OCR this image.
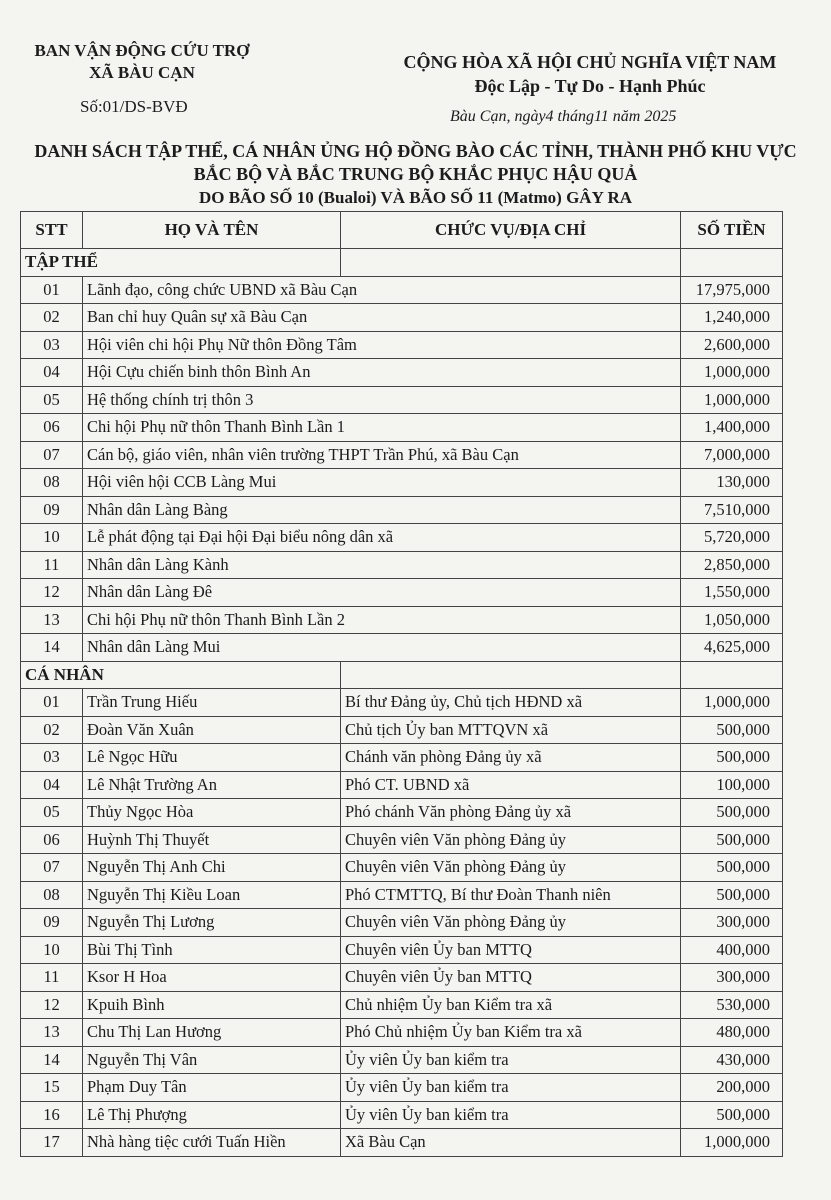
BAN VẬN ĐỘNG CỨU TRỢ
XÃ BÀU CẠN
Số:01/DS-BVĐ
CỘNG HÒA XÃ HỘI CHỦ NGHĨA VIỆT NAM
Độc Lập - Tự Do - Hạnh Phúc
Bàu Cạn, ngày4 tháng11 năm 2025
DANH SÁCH TẬP THỂ, CÁ NHÂN ỦNG HỘ ĐỒNG BÀO CÁC TỈNH, THÀNH PHỐ KHU VỰC
BẮC BỘ VÀ BẮC TRUNG BỘ KHẮC PHỤC HẬU QUẢ
DO BÃO SỐ 10 (Bualoi) VÀ BÃO SỐ 11 (Matmo) GÂY RA
STT	HỌ VÀ TÊN	CHỨC VỤ/ĐỊA CHỈ	SỐ TIỀN
TẬP THỂ			
01	Lãnh đạo, công chức UBND xã Bàu Cạn		17,975,000
02	Ban chỉ huy Quân sự xã Bàu Cạn		1,240,000
03	Hội viên chi hội Phụ Nữ thôn Đồng Tâm		2,600,000
04	Hội Cựu chiến binh thôn Bình An		1,000,000
05	Hệ thống chính trị thôn 3		1,000,000
06	Chi hội Phụ nữ thôn Thanh Bình Lần 1		1,400,000
07	Cán bộ, giáo viên, nhân viên trường THPT Trần Phú, xã Bàu Cạn		7,000,000
08	Hội viên hội CCB Làng Mui		130,000
09	Nhân dân Làng Bàng		7,510,000
10	Lễ phát động tại Đại hội Đại biểu nông dân xã		5,720,000
11	Nhân dân Làng Kành		2,850,000
12	Nhân dân Làng Đê		1,550,000
13	Chi hội Phụ nữ thôn Thanh Bình Lần 2		1,050,000
14	Nhân dân Làng Mui		4,625,000
CÁ NHÂN			
01	Trần Trung Hiếu	Bí thư Đảng ủy, Chủ tịch HĐND xã	1,000,000
02	Đoàn Văn Xuân	Chủ tịch Ủy ban MTTQVN xã	500,000
03	Lê Ngọc Hữu	Chánh văn phòng Đảng ủy xã	500,000
04	Lê Nhật Trường An	Phó CT. UBND xã	100,000
05	Thủy Ngọc Hòa	Phó chánh Văn phòng Đảng ủy xã	500,000
06	Huỳnh Thị Thuyết	Chuyên viên Văn phòng Đảng ủy	500,000
07	Nguyễn Thị Anh Chi	Chuyên viên Văn phòng Đảng ủy	500,000
08	Nguyễn Thị Kiều Loan	Phó CTMTTQ, Bí thư Đoàn Thanh niên	500,000
09	Nguyễn Thị Lương	Chuyên viên Văn phòng Đảng ủy	300,000
10	Bùi Thị Tình	Chuyên viên Ủy ban MTTQ	400,000
11	Ksor H Hoa	Chuyên viên Ủy ban MTTQ	300,000
12	Kpuih Bình	Chủ nhiệm Ủy ban Kiểm tra xã	530,000
13	Chu Thị Lan Hương	Phó Chủ nhiệm Ủy ban Kiểm tra xã	480,000
14	Nguyễn Thị Vân	Ủy viên Ủy ban kiểm tra	430,000
15	Phạm Duy Tân	Ủy viên Ủy ban kiểm tra	200,000
16	Lê Thị Phượng	Ủy viên Ủy ban kiểm tra	500,000
17	Nhà hàng tiệc cưới Tuấn Hiền	Xã Bàu Cạn	1,000,000
